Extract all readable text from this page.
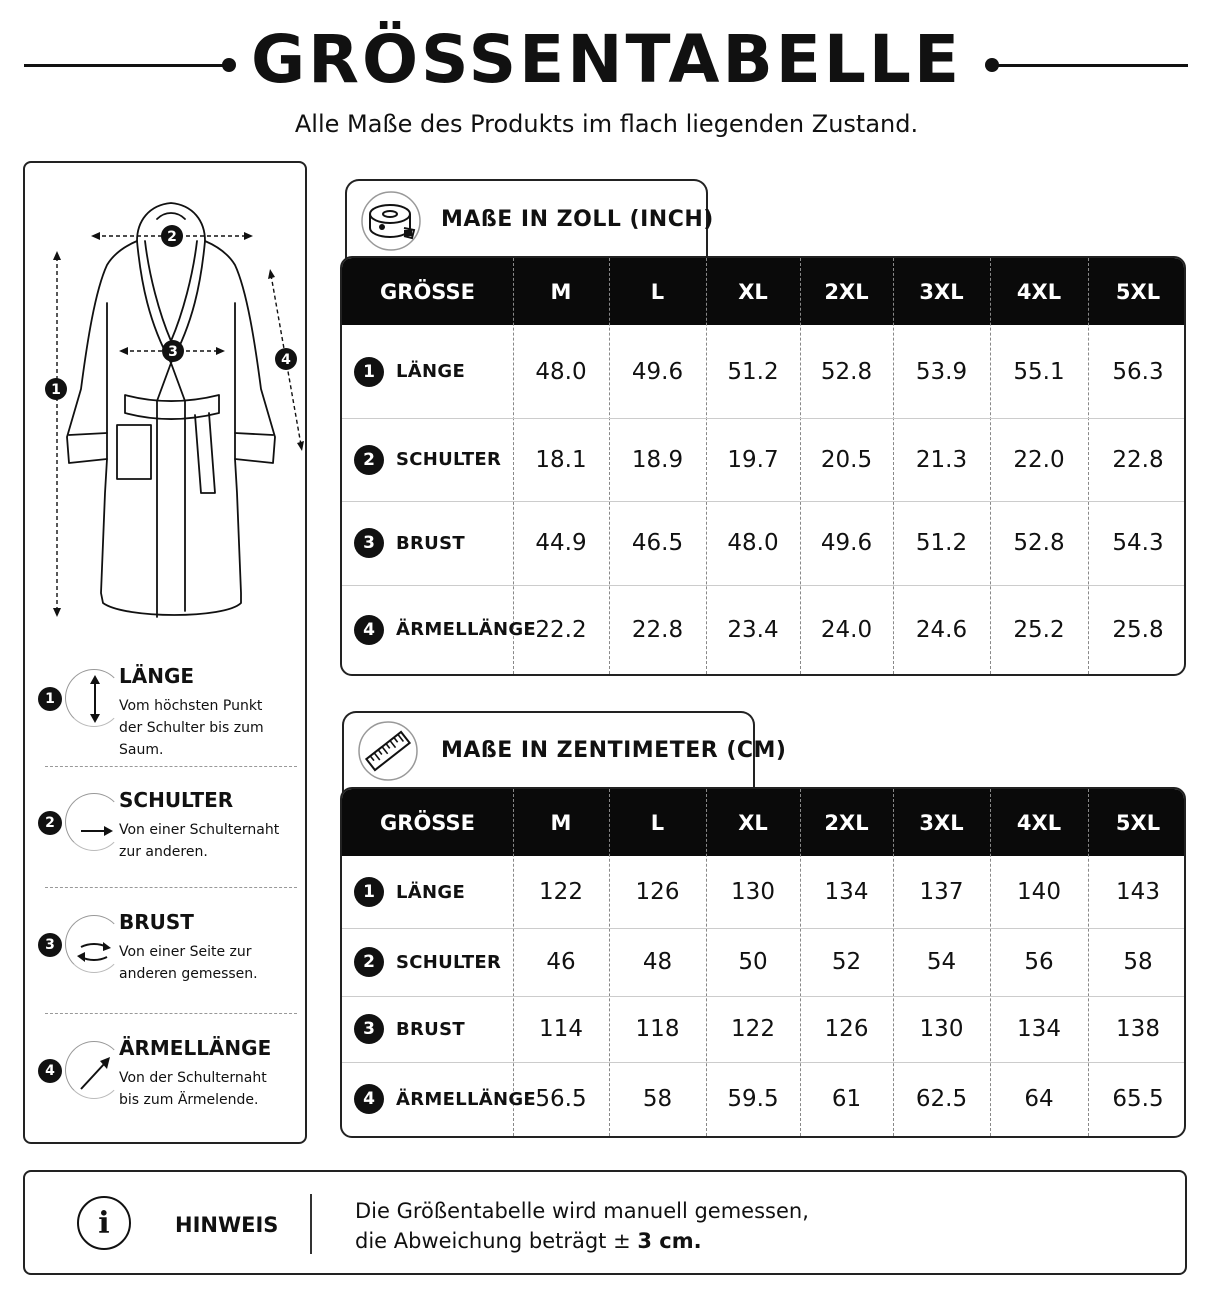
GRÖSSENTABELLE
Alle Maße des Produkts im flach liegenden Zustand.
2
3
1
4
1
LÄNGE
Vom höchsten Punkt
der Schulter bis zum Saum.
2
SCHULTER
Von einer Schulternaht
zur anderen.
3
BRUST
Von einer Seite zur
anderen gemessen.
4
ÄRMELLÄNGE
Von der Schulternaht
bis zum Ärmelende.
MAßE IN ZOLL (INCH)
GRÖSSE	M	L	XL	2XL	3XL	4XL	5XL
1	LÄNGE	48.0	49.6	51.2	52.8	53.9	55.1	56.3
2	SCHULTER	18.1	18.9	19.7	20.5	21.3	22.0	22.8
3	BRUST	44.9	46.5	48.0	49.6	51.2	52.8	54.3
4	ÄRMELLÄNGE 22.2	22.8	23.4	24.0	24.6	25.2	25.8
MAßE IN ZENTIMETER (CM)
GRÖSSE	M	L	XL	2XL	3XL	4XL	5XL
1	LÄNGE	122	126	130	134	137	140	143
2	SCHULTER	46	48	50	52	54	56	58
3	BRUST	114	118	122	126	130	134	138
4	ÄRMELLÄNGE 56.5	58	59.5	61	62.5	64	65.5
i	HINWEIS
Die Größentabelle wird manuell gemessen,
die Abweichung beträgt ± 3 cm.
